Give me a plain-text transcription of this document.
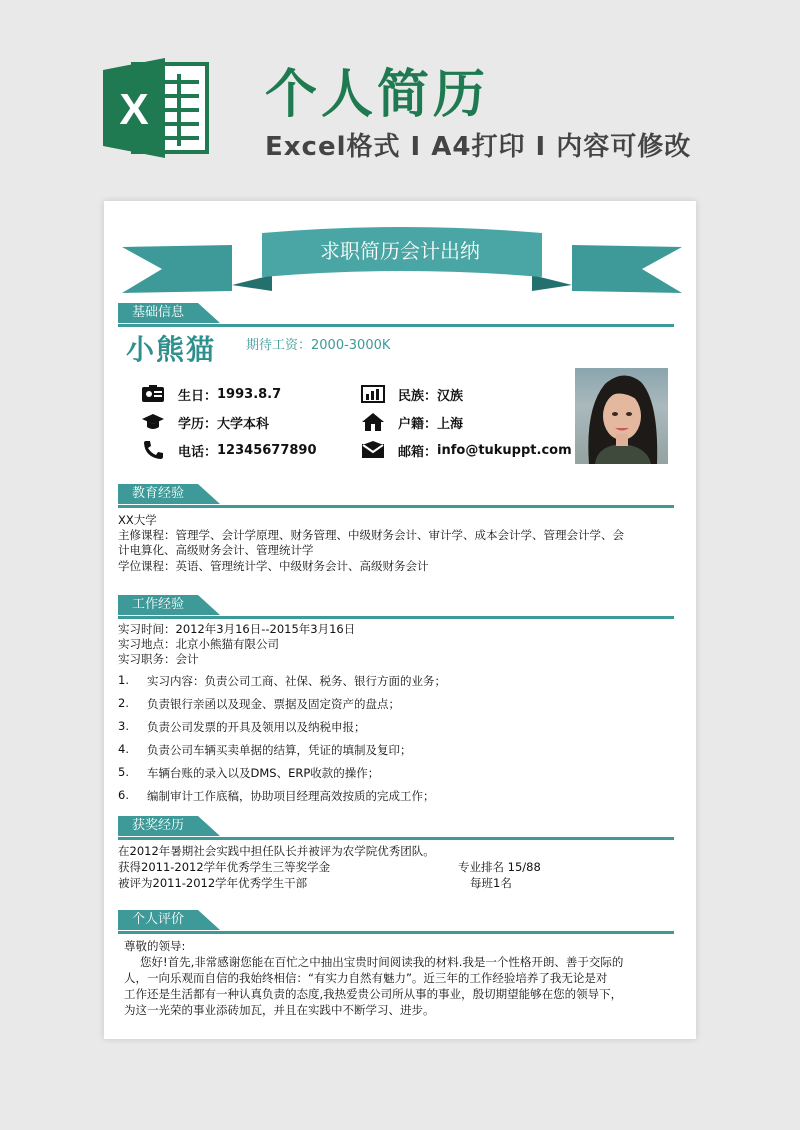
X 个人简历
Excel格式 I A4打印 I 内容可修改
求职简历会计出纳
基础信息
小熊猫 期待工资：2000-3000K
生日： 1993.8.7
学历： 大学本科
电话： 12345677890
民族： 汉族
户籍： 上海
邮箱： info@tukuppt.com
教育经验
XX大学
主修课程：管理学、会计学原理、财务管理、中级财务会计、审计学、成本会计学、管理会计学、会
计电算化、高级财务会计、管理统计学
学位课程：英语、管理统计学、中级财务会计、高级财务会计
工作经验
实习时间：2012年3月16日--2015年3月16日
实习地点：北京小熊猫有限公司
实习职务：会计
1. 实习内容：负责公司工商、社保、税务、银行方面的业务；
2. 负责银行亲函以及现金、票据及固定资产的盘点；
3. 负责公司发票的开具及领用以及纳税申报；
4. 负责公司车辆买卖单据的结算，凭证的填制及复印；
5. 车辆台账的录入以及DMS、ERP收款的操作；
6. 编制审计工作底稿，协助项目经理高效按质的完成工作；
获奖经历
在2012年暑期社会实践中担任队长并被评为农学院优秀团队。
获得2011-2012学年优秀学生三等奖学金	专业排名 15/88
被评为2011-2012学年优秀学生干部	每班1名
个人评价
尊敬的领导:
您好!首先,非常感谢您能在百忙之中抽出宝贵时间阅读我的材料.我是一个性格开朗、善于交际的
人，一向乐观而自信的我始终相信：“有实力自然有魅力”。近三年的工作经验培养了我无论是对
工作还是生活都有一种认真负责的态度,我热爱贵公司所从事的事业，殷切期望能够在您的领导下，
为这一光荣的事业添砖加瓦，并且在实践中不断学习、进步。
